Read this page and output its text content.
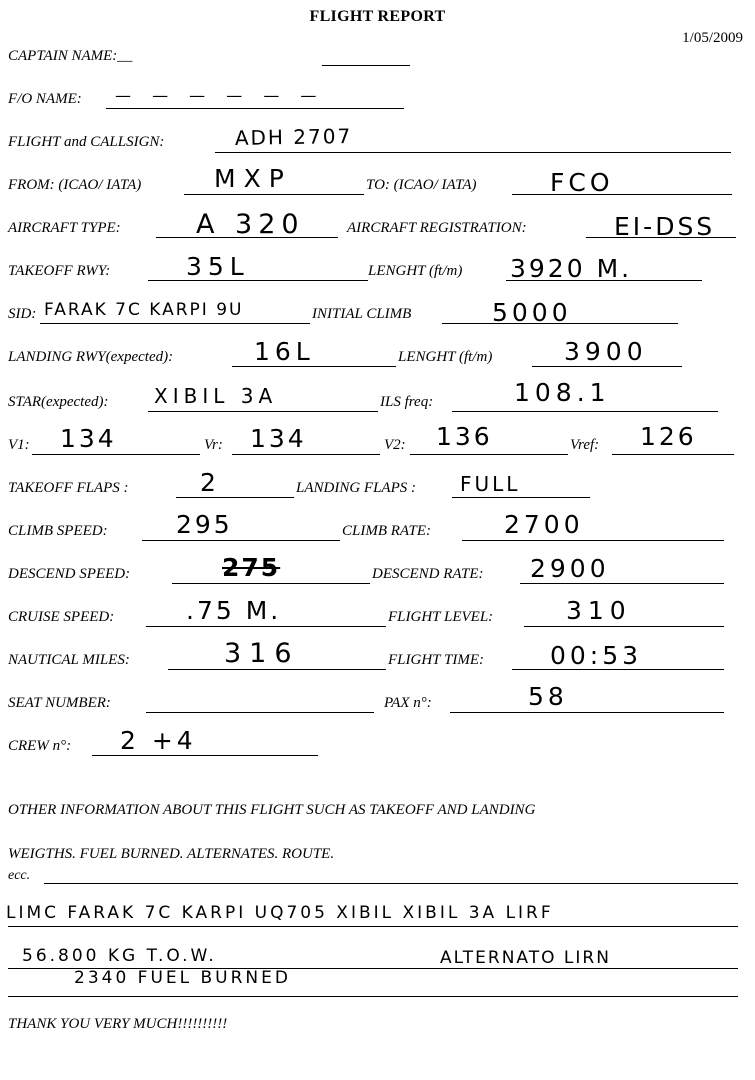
FLIGHT REPORT
1/05/2009
CAPTAIN NAME:__
F/O NAME: — — — — — —
FLIGHT and CALLSIGN:	ADH 2707
FROM: (ICAO/ IATA)	MXP	TO: (ICAO/ IATA)	FCO
AIRCRAFT TYPE:	A 320	AIRCRAFT REGISTRATION:	EI-DSS
TAKEOFF RWY:	35L	LENGHT (ft/m) 3920 M.
SID: FARAK 7C KARPI 9U	INITIAL CLIMB	5000
LANDING RWY(expected):	16L	LENGHT (ft/m)	3900
STAR(expected): XIBIL 3A	ILS freq:	108.1
V1: 134	Vr: 134	V2: 136	Vref: 126
TAKEOFF FLAPS :	2	LANDING FLAPS : FULL
CLIMB SPEED:	295	CLIMB RATE:	2700
DESCEND SPEED:	275	DESCEND RATE: 2900
CRUISE SPEED:	.75 M.	FLIGHT LEVEL:	310
NAUTICAL MILES:	316	FLIGHT TIME:	00:53
SEAT NUMBER:	PAX n°:	58
CREW n°: 2 +4
OTHER INFORMATION ABOUT THIS FLIGHT SUCH AS TAKEOFF AND LANDING
WEIGTHS. FUEL BURNED. ALTERNATES. ROUTE.
ecc.
LIMC FARAK 7C KARPI UQ705 XIBIL XIBIL 3A LIRF
56.800 KG T.O.W.	ALTERNATO LIRN
2340 FUEL BURNED
THANK YOU VERY MUCH!!!!!!!!!!
